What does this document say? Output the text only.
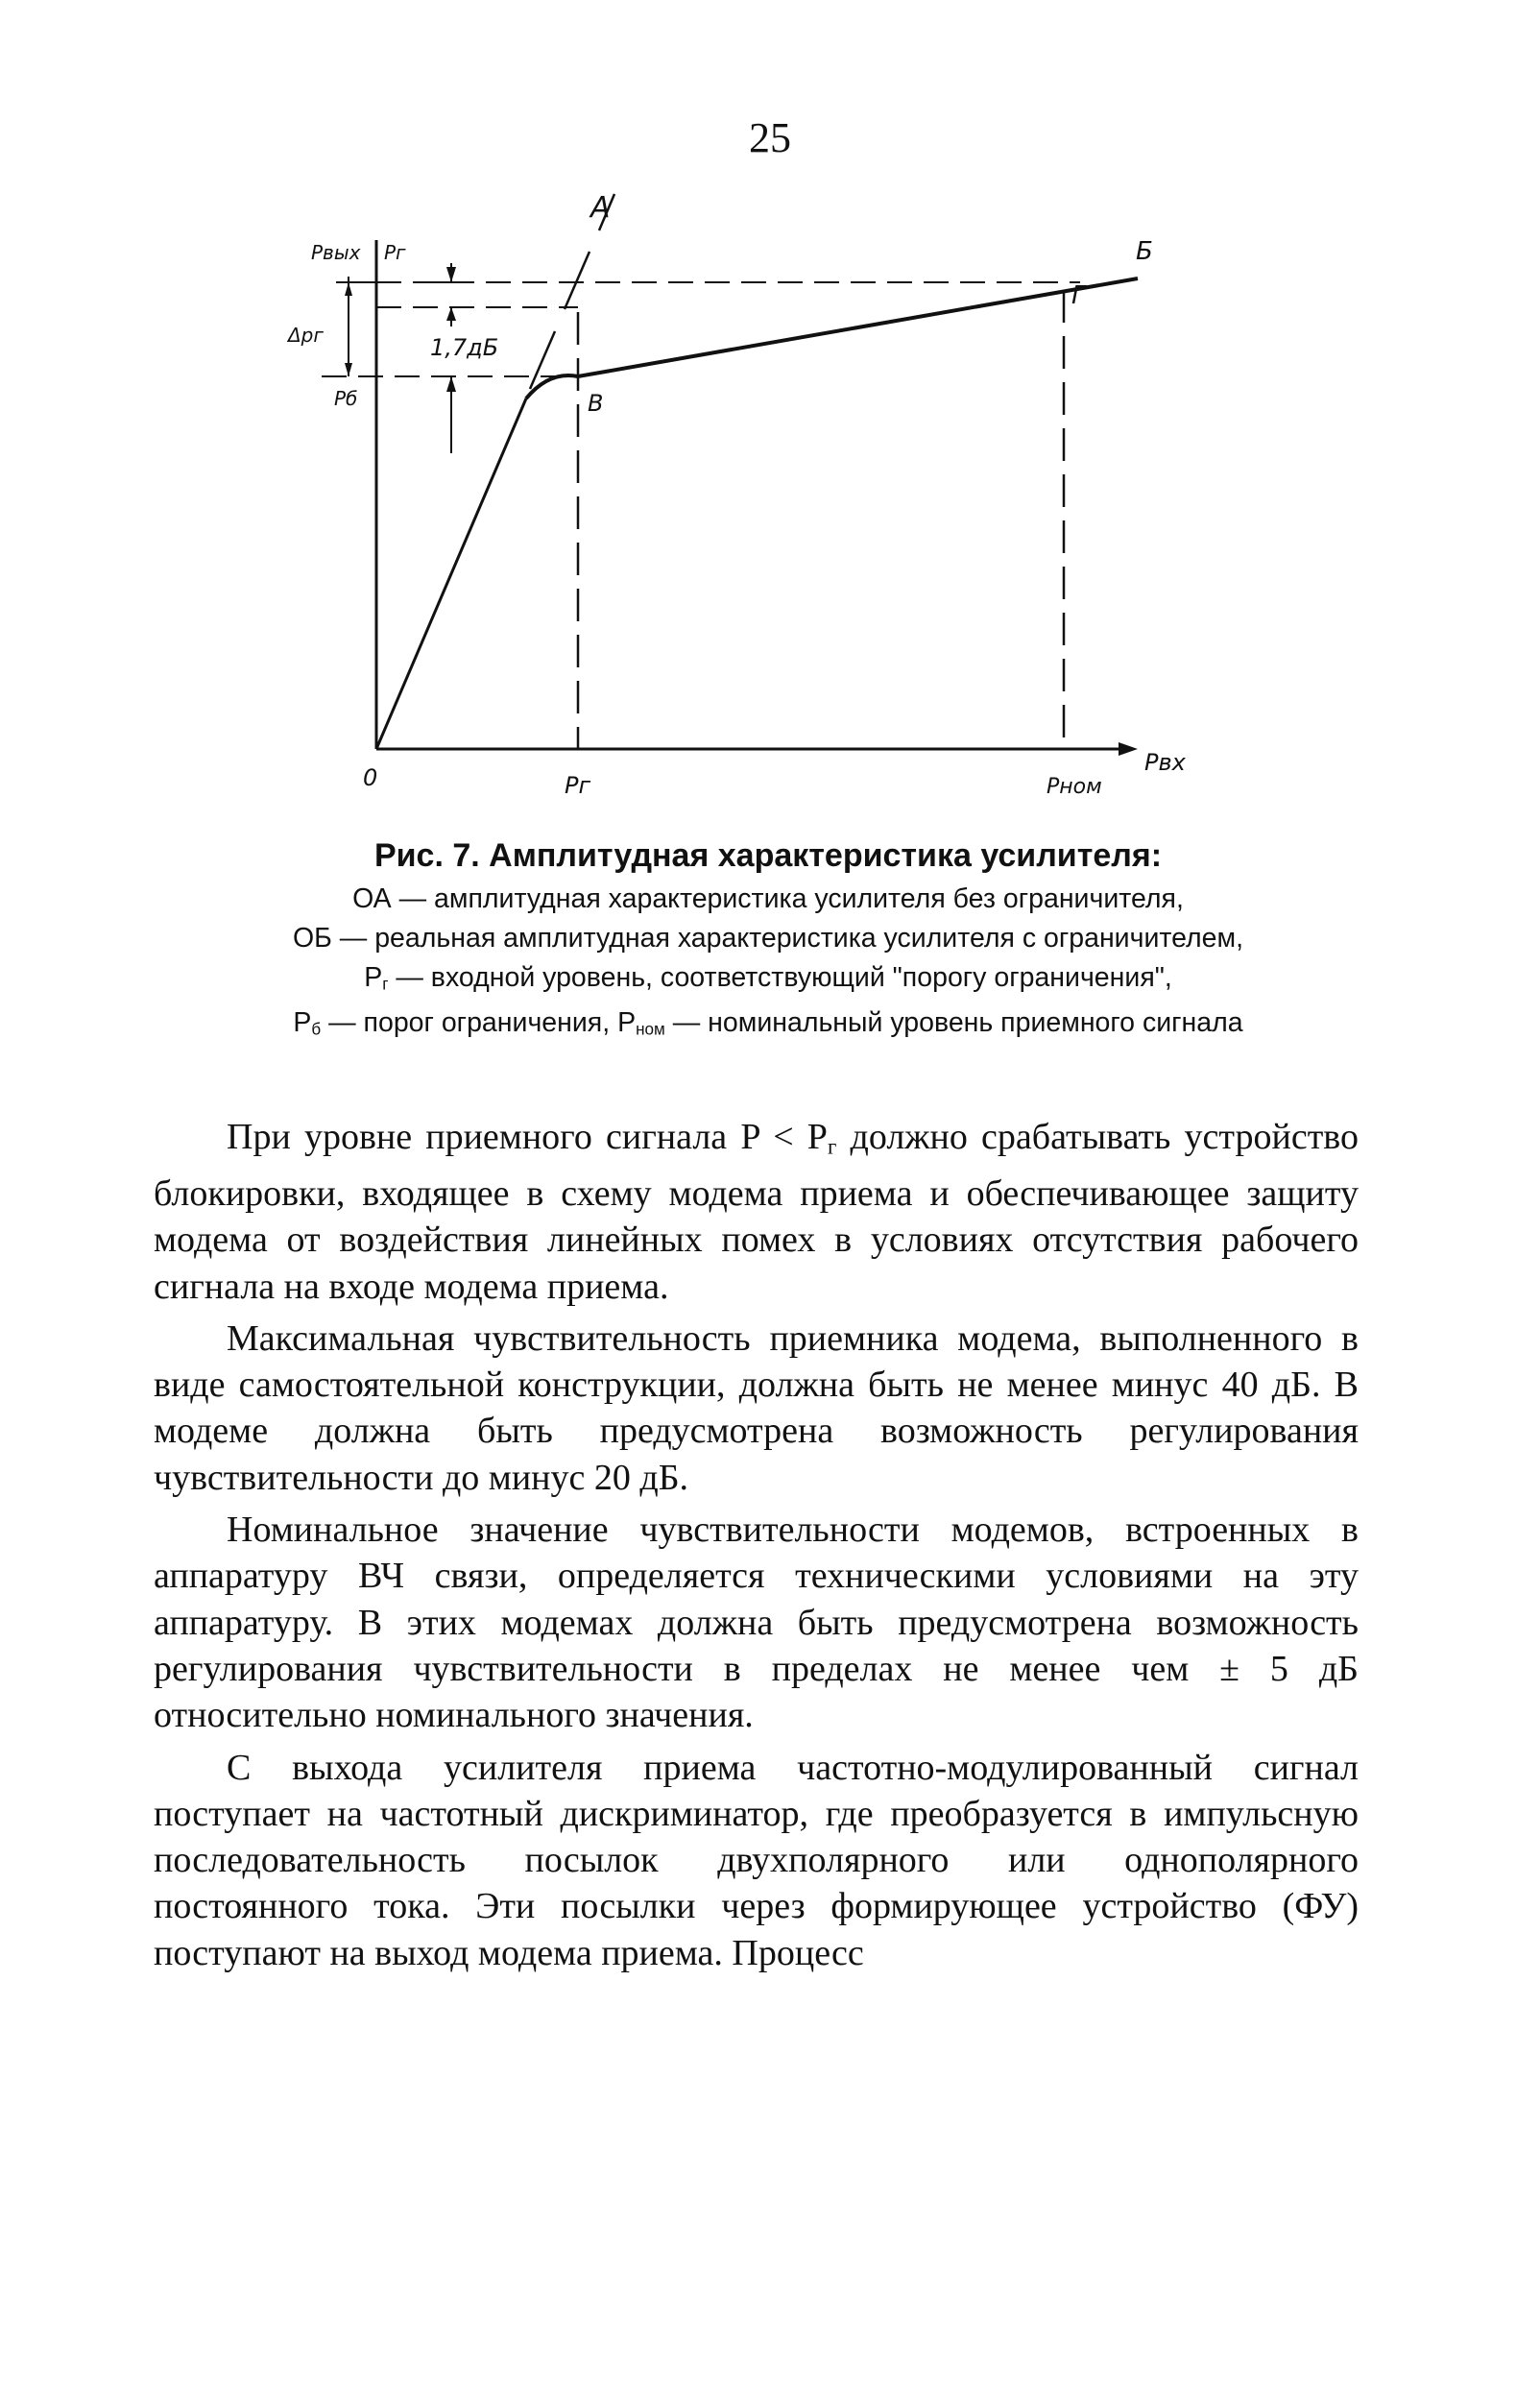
25
А
Б
В
Г
0
Pвых Pг
Δpг
Pб
1,7дБ
Pг	Pном
Pвх
Рис. 7. Амплитудная характеристика усилителя:
ОА — амплитудная характеристика усилителя без ограничителя,
ОБ — реальная амплитудная характеристика усилителя с ограничителем,
$P_г$ — входной уровень, соответствующий "порогу ограничения",
$P_б$ — порог ограничения, $P_{ном}$ — номинальный уровень приемного сигнала

При уровне приемного сигнала $P < P_г$ должно срабатывать устройство блокировки, входящее в схему модема приема и обеспечивающее защиту модема от воздействия линейных помех в условиях отсутствия рабочего сигнала на входе модема приема.

Максимальная чувствительность приемника модема, выполненного в виде самостоятельной конструкции, должна быть не менее минус 40 дБ. В модеме должна быть предусмотрена возможность регулирования чувствительности до минус 20 дБ.

Номинальное значение чувствительности модемов, встроенных в аппаратуру ВЧ связи, определяется техническими условиями на эту аппаратуру. В этих модемах должна быть предусмотрена возможность регулирования чувствительности в пределах не менее чем ± 5 дБ относительно номинального значения.

С выхода усилителя приема частотно-модулированный сигнал поступает на частотный дискриминатор, где преобразуется в импульсную последовательность посылок двухполярного или однополярного постоянного тока. Эти посылки через формирующее устройство (ФУ) поступают на выход модема приема. Процесс
